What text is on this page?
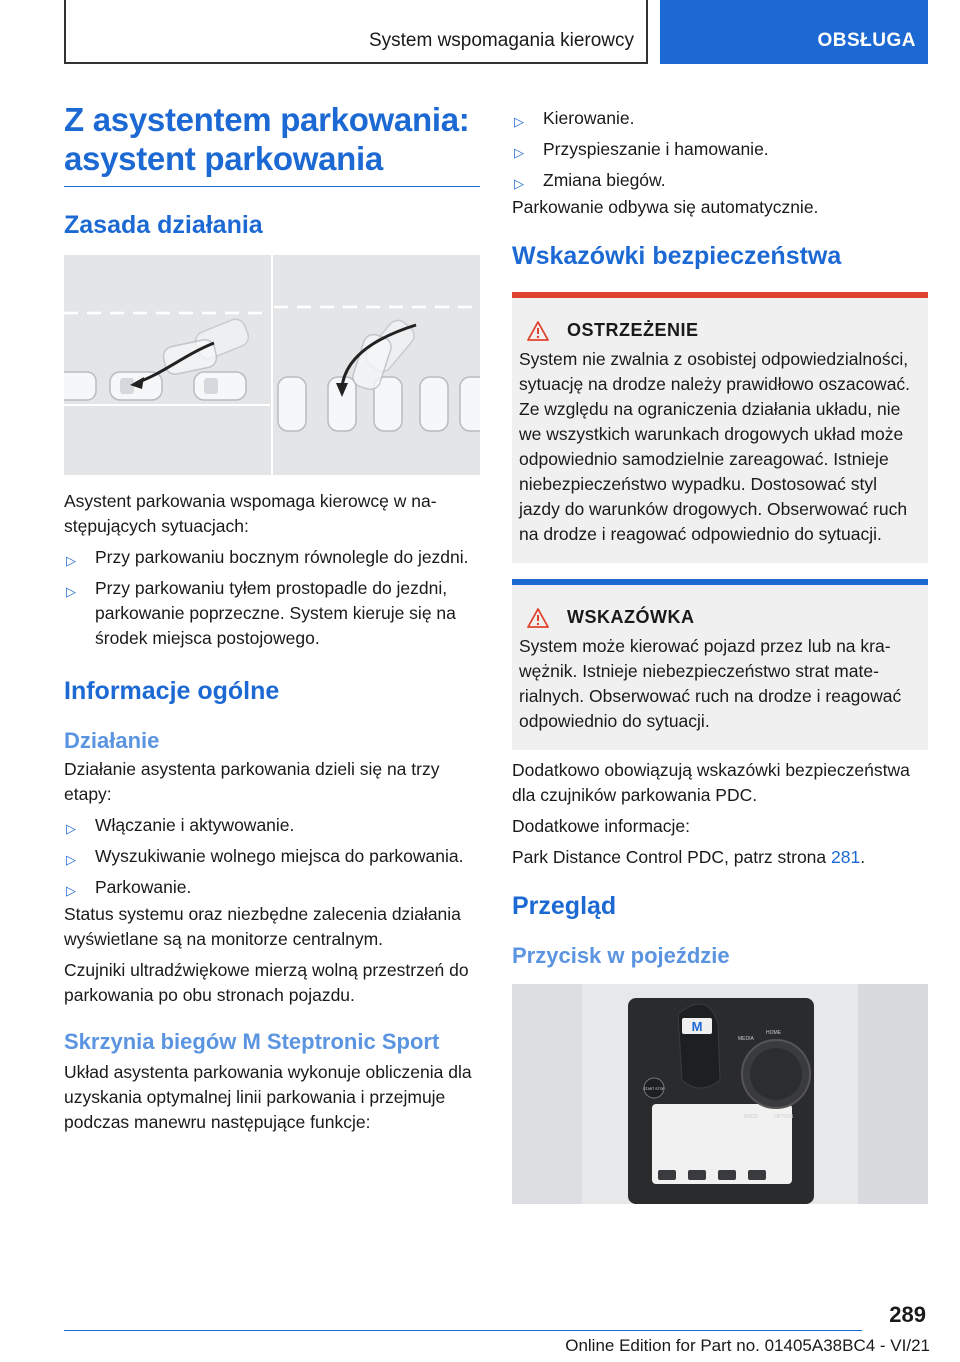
System wspomagania kierowcy	OBSŁUGA
Z asystentem parkowania:
asystent parkowania
Zasada działania

Asystent parkowania wspomaga kierowcę w następujących sytuacjach:

▷ Przy parkowaniu bocznym równolegle do jezdni.
▷ Przy parkowaniu tyłem prostopadle do jezdni, parkowanie poprzeczne. System kieruje się na środek miejsca postojowego.
Informacje ogólne
Działanie

Działanie asystenta parkowania dzieli się na trzy etapy:

▷ Włączanie i aktywowanie.
▷ Wyszukiwanie wolnego miejsca do parkowania.
▷ Parkowanie.

Status systemu oraz niezbędne zalecenia działania wyświetlane są na monitorze centralnym.

Czujniki ultradźwiękowe mierzą wolną przestrzeń do parkowania po obu stronach pojazdu.

Skrzynia biegów M Steptronic Sport

Układ asystenta parkowania wykonuje obliczenia dla uzyskania optymalnej linii parkowania i przejmuje podczas manewru następujące funkcje:

▷ Kierowanie.
▷ Przyspieszanie i hamowanie.
▷ Zmiana biegów.

Parkowanie odbywa się automatycznie.

Wskazówki bezpieczeństwa
OSTRZEŻENIE

System nie zwalnia z osobistej odpowiedzialności, sytuację na drodze należy prawidłowo oszacować. Ze względu na ograniczenia działania układu, nie we wszystkich warunkach drogowych układ może odpowiednio samodzielnie zareagować. Istnieje niebezpieczeństwo wypadku. Dostosować styl jazdy do warunków drogowych. Obserwować ruch na drodze i reagować odpowiednio do sytuacji.

WSKAZÓWKA

System może kierować pojazd przez lub na krawężnik. Istnieje niebezpieczeństwo strat materialnych. Obserwować ruch na drodze i reagować odpowiednio do sytuacji.

Dodatkowo obowiązują wskazówki bezpieczeństwa dla czujników parkowania PDC.

Dodatkowe informacje:

Park Distance Control PDC, patrz strona 281.

Przegląd
Przycisk w pojeździe
M
MEDIA
HOME
BACK	OPTION
START STOP
289
Online Edition for Part no. 01405A38BC4 - VI/21
